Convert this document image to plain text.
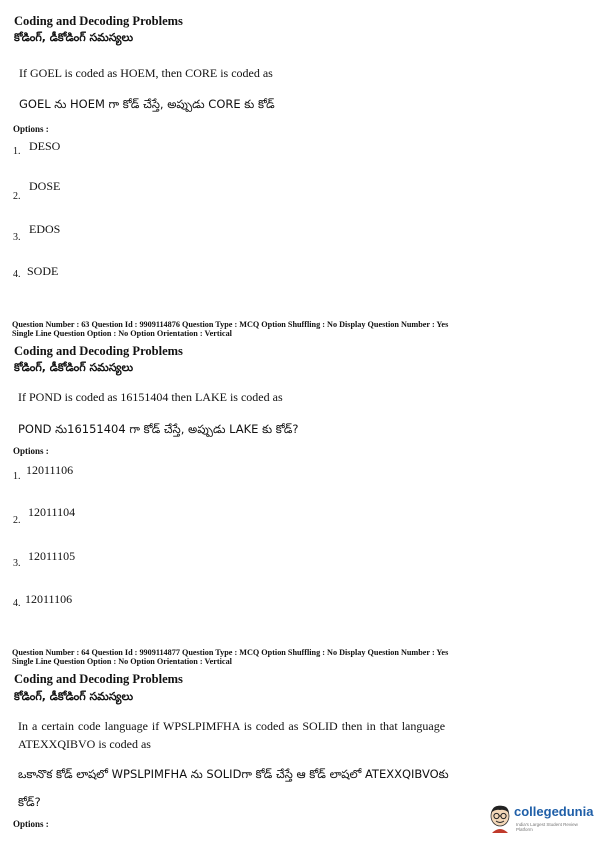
Coding and Decoding Problems
కోడింగ్, డీకోడింగ్ సమస్యలు
If GOEL is coded as HOEM, then CORE is coded as
GOEL ను HOEM గా కోడ్ చేస్తే, అప్పుడు CORE కు కోడ్
Options :
1. DESO
2.
DOSE
3.
EDOS
4. SODE
Question Number : 63 Question Id : 9909114876 Question Type : MCQ Option Shuffling : No Display Question Number : Yes
Single Line Question Option : No Option Orientation : Vertical
Coding and Decoding Problems
కోడింగ్, డీకోడింగ్ సమస్యలు
If POND is coded as 16151404 then LAKE is coded as
POND ను16151404 గా కోడ్ చేస్తే, అప్పుడు LAKE కు కోడ్?
Options :
1. 12011106
2.
12011104
3.
12011105
4. 12011106
Question Number : 64 Question Id : 9909114877 Question Type : MCQ Option Shuffling : No Display Question Number : Yes
Single Line Question Option : No Option Orientation : Vertical
Coding and Decoding Problems
కోడింగ్, డీకోడింగ్ సమస్యలు
In a certain code language if WPSLPIMFHA is coded as SOLID then in that language
ATEXXQIBVO is coded as
ఒకానొక కోడ్ లాషలో WPSLPIMFHA ను SOLIDగా కోడ్ చేస్తే ఆ కోడ్ లాషలో ATEXXQIBVOకు
కోడ్?
Options :
collegedunia
India's Largest Student Review Platform
